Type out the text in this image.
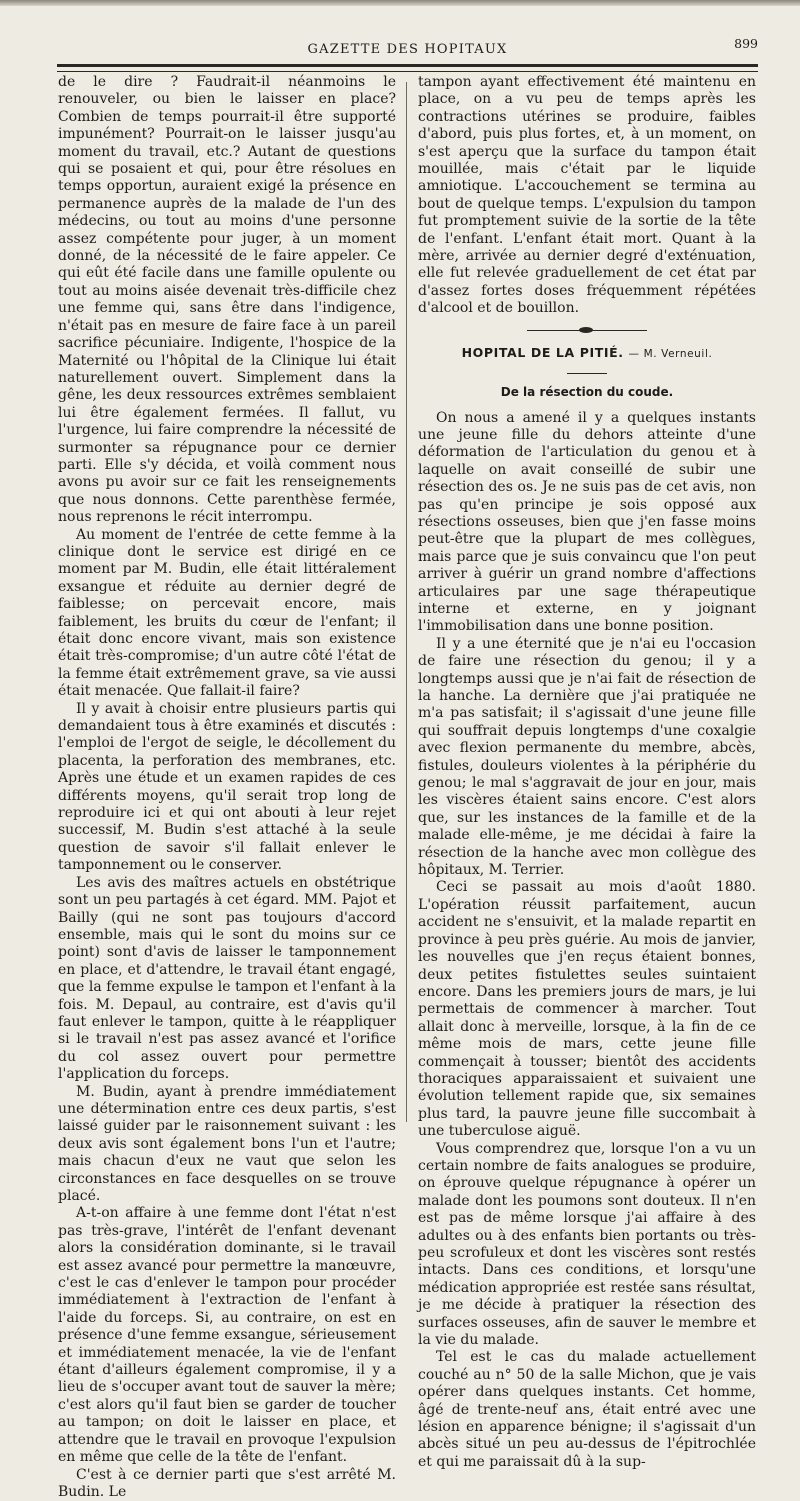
GAZETTE DES HOPITAUX	899

de le dire ? Faudrait-il néanmoins le renouveler, ou bien le laisser en place? Combien de temps pourrait-il être supporté impunément? Pourrait-on le laisser jusqu'au moment du travail, etc.? Autant de questions qui se posaient et qui, pour être résolues en temps opportun, auraient exigé la présence en permanence auprès de la malade de l'un des médecins, ou tout au moins d'une personne assez compétente pour juger, à un moment donné, de la nécessité de le faire appeler. Ce qui eût été facile dans une famille opulente ou tout au moins aisée devenait très-difficile chez une femme qui, sans être dans l'indigence, n'était pas en mesure de faire face à un pareil sacrifice pécuniaire. Indigente, l'hospice de la Maternité ou l'hôpital de la Clinique lui était naturellement ouvert. Simplement dans la gêne, les deux ressources extrêmes semblaient lui être également fermées. Il fallut, vu l'urgence, lui faire comprendre la nécessité de surmonter sa répugnance pour ce dernier parti. Elle s'y décida, et voilà comment nous avons pu avoir sur ce fait les renseignements que nous donnons. Cette parenthèse fermée, nous reprenons le récit interrompu.

Au moment de l'entrée de cette femme à la clinique dont le service est dirigé en ce moment par M. Budin, elle était littéralement exsangue et réduite au dernier degré de faiblesse; on percevait encore, mais faiblement, les bruits du cœur de l'enfant; il était donc encore vivant, mais son existence était très-compromise; d'un autre côté l'état de la femme était extrêmement grave, sa vie aussi était menacée. Que fallait-il faire?

Il y avait à choisir entre plusieurs partis qui demandaient tous à être examinés et discutés : l'emploi de l'ergot de seigle, le décollement du placenta, la perforation des membranes, etc. Après une étude et un examen rapides de ces différents moyens, qu'il serait trop long de reproduire ici et qui ont abouti à leur rejet successif, M. Budin s'est attaché à la seule question de savoir s'il fallait enlever le tamponnement ou le conserver.

Les avis des maîtres actuels en obstétrique sont un peu partagés à cet égard. MM. Pajot et Bailly (qui ne sont pas toujours d'accord ensemble, mais qui le sont du moins sur ce point) sont d'avis de laisser le tamponnement en place, et d'attendre, le travail étant engagé, que la femme expulse le tampon et l'enfant à la fois. M. Depaul, au contraire, est d'avis qu'il faut enlever le tampon, quitte à le réappliquer si le travail n'est pas assez avancé et l'orifice du col assez ouvert pour permettre l'application du forceps.

M. Budin, ayant à prendre immédiatement une détermination entre ces deux partis, s'est laissé guider par le raisonnement suivant : les deux avis sont également bons l'un et l'autre; mais chacun d'eux ne vaut que selon les circonstances en face desquelles on se trouve placé.

A-t-on affaire à une femme dont l'état n'est pas très-grave, l'intérêt de l'enfant devenant alors la considération dominante, si le travail est assez avancé pour permettre la manœuvre, c'est le cas d'enlever le tampon pour procéder immédiatement à l'extraction de l'enfant à l'aide du forceps. Si, au contraire, on est en présence d'une femme exsangue, sérieusement et immédiatement menacée, la vie de l'enfant étant d'ailleurs également compromise, il y a lieu de s'occuper avant tout de sauver la mère; c'est alors qu'il faut bien se garder de toucher au tampon; on doit le laisser en place, et attendre que le travail en provoque l'expulsion en même que celle de la tête de l'enfant.

C'est à ce dernier parti que s'est arrêté M. Budin. Le

tampon ayant effectivement été maintenu en place, on a vu peu de temps après les contractions utérines se produire, faibles d'abord, puis plus fortes, et, à un moment, on s'est aperçu que la surface du tampon était mouillée, mais c'était par le liquide amniotique. L'accouchement se termina au bout de quelque temps. L'expulsion du tampon fut promptement suivie de la sortie de la tête de l'enfant. L'enfant était mort. Quant à la mère, arrivée au dernier degré d'exténuation, elle fut relevée graduellement de cet état par d'assez fortes doses fréquemment répétées d'alcool et de bouillon.

HOPITAL DE LA PITIÉ. — M. Verneuil.
De la résection du coude.

On nous a amené il y a quelques instants une jeune fille du dehors atteinte d'une déformation de l'articulation du genou et à laquelle on avait conseillé de subir une résection des os. Je ne suis pas de cet avis, non pas qu'en principe je sois opposé aux résections osseuses, bien que j'en fasse moins peut-être que la plupart de mes collègues, mais parce que je suis convaincu que l'on peut arriver à guérir un grand nombre d'affections articulaires par une sage thérapeutique interne et externe, en y joignant l'immobilisation dans une bonne position.

Il y a une éternité que je n'ai eu l'occasion de faire une résection du genou; il y a longtemps aussi que je n'ai fait de résection de la hanche. La dernière que j'ai pratiquée ne m'a pas satisfait; il s'agissait d'une jeune fille qui souffrait depuis longtemps d'une coxalgie avec flexion permanente du membre, abcès, fistules, douleurs violentes à la périphérie du genou; le mal s'aggravait de jour en jour, mais les viscères étaient sains encore. C'est alors que, sur les instances de la famille et de la malade elle-même, je me décidai à faire la résection de la hanche avec mon collègue des hôpitaux, M. Terrier.

Ceci se passait au mois d'août 1880. L'opération réussit parfaitement, aucun accident ne s'ensuivit, et la malade repartit en province à peu près guérie. Au mois de janvier, les nouvelles que j'en reçus étaient bonnes, deux petites fistulettes seules suintaient encore. Dans les premiers jours de mars, je lui permettais de commencer à marcher. Tout allait donc à merveille, lorsque, à la fin de ce même mois de mars, cette jeune fille commençait à tousser; bientôt des accidents thoraciques apparaissaient et suivaient une évolution tellement rapide que, six semaines plus tard, la pauvre jeune fille succombait à une tuberculose aiguë.

Vous comprendrez que, lorsque l'on a vu un certain nombre de faits analogues se produire, on éprouve quelque répugnance à opérer un malade dont les poumons sont douteux. Il n'en est pas de même lorsque j'ai affaire à des adultes ou à des enfants bien portants ou très-peu scrofuleux et dont les viscères sont restés intacts. Dans ces conditions, et lorsqu'une médication appropriée est restée sans résultat, je me décide à pratiquer la résection des surfaces osseuses, afin de sauver le membre et la vie du malade.

Tel est le cas du malade actuellement couché au n° 50 de la salle Michon, que je vais opérer dans quelques instants. Cet homme, âgé de trente-neuf ans, était entré avec une lésion en apparence bénigne; il s'agissait d'un abcès situé un peu au-dessus de l'épitrochlée et qui me paraissait dû à la sup-
